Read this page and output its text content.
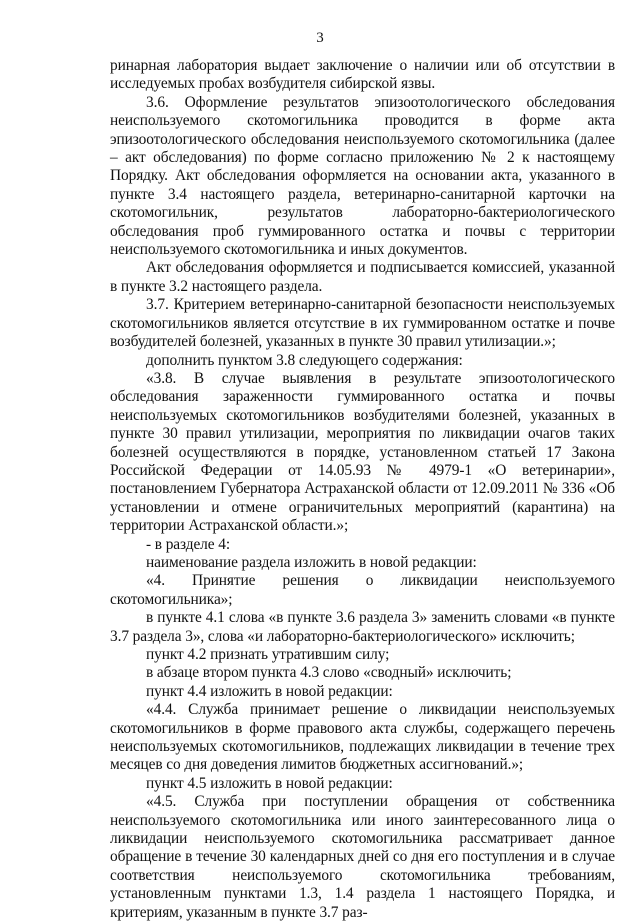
3

ринарная лаборатория выдает заключение о наличии или об отсутствии в исследуемых пробах возбудителя сибирской язвы.

3.6. Оформление результатов эпизоотологического обследования неиспользуемого скотомогильника проводится в форме акта эпизоотологического обследования неиспользуемого скотомогильника (далее – акт обследования) по форме согласно приложению № 2 к настоящему Порядку. Акт обследования оформляется на основании акта, указанного в пункте 3.4 настоящего раздела, ветеринарно-санитарной карточки на скотомогильник, результатов лабораторно-бактериологического обследования проб гуммированного остатка и почвы с территории неиспользуемого скотомогильника и иных документов.

Акт обследования оформляется и подписывается комиссией, указанной в пункте 3.2 настоящего раздела.

3.7. Критерием ветеринарно-санитарной безопасности неиспользуемых скотомогильников является отсутствие в их гуммированном остатке и почве возбудителей болезней, указанных в пункте 30 правил утилизации.»;

дополнить пунктом 3.8 следующего содержания:

«3.8. В случае выявления в результате эпизоотологического обследования зараженности гуммированного остатка и почвы неиспользуемых скотомогильников возбудителями болезней, указанных в пункте 30 правил утилизации, мероприятия по ликвидации очагов таких болезней осуществляются в порядке, установленном статьей 17 Закона Российской Федерации от 14.05.93 № 4979-1 «О ветеринарии», постановлением Губернатора Астраханской области от 12.09.2011 № 336 «Об установлении и отмене ограничительных мероприятий (карантина) на территории Астраханской области.»;

- в разделе 4:

наименование раздела изложить в новой редакции:

«4. Принятие решения о ликвидации неиспользуемого скотомогильника»;

в пункте 4.1 слова «в пункте 3.6 раздела 3» заменить словами «в пункте 3.7 раздела 3», слова «и лабораторно-бактериологического» исключить;

пункт 4.2 признать утратившим силу;

в абзаце втором пункта 4.3 слово «сводный» исключить;

пункт 4.4 изложить в новой редакции:

«4.4. Служба принимает решение о ликвидации неиспользуемых скотомогильников в форме правового акта службы, содержащего перечень неиспользуемых скотомогильников, подлежащих ликвидации в течение трех месяцев со дня доведения лимитов бюджетных ассигнований.»;

пункт 4.5 изложить в новой редакции:

«4.5. Служба при поступлении обращения от собственника неиспользуемого скотомогильника или иного заинтересованного лица о ликвидации неиспользуемого скотомогильника рассматривает данное обращение в течение 30 календарных дней со дня его поступления и в случае соответствия неиспользуемого скотомогильника требованиям, установленным пунктами 1.3, 1.4 раздела 1 настоящего Порядка, и критериям, указанным в пункте 3.7 раз-
